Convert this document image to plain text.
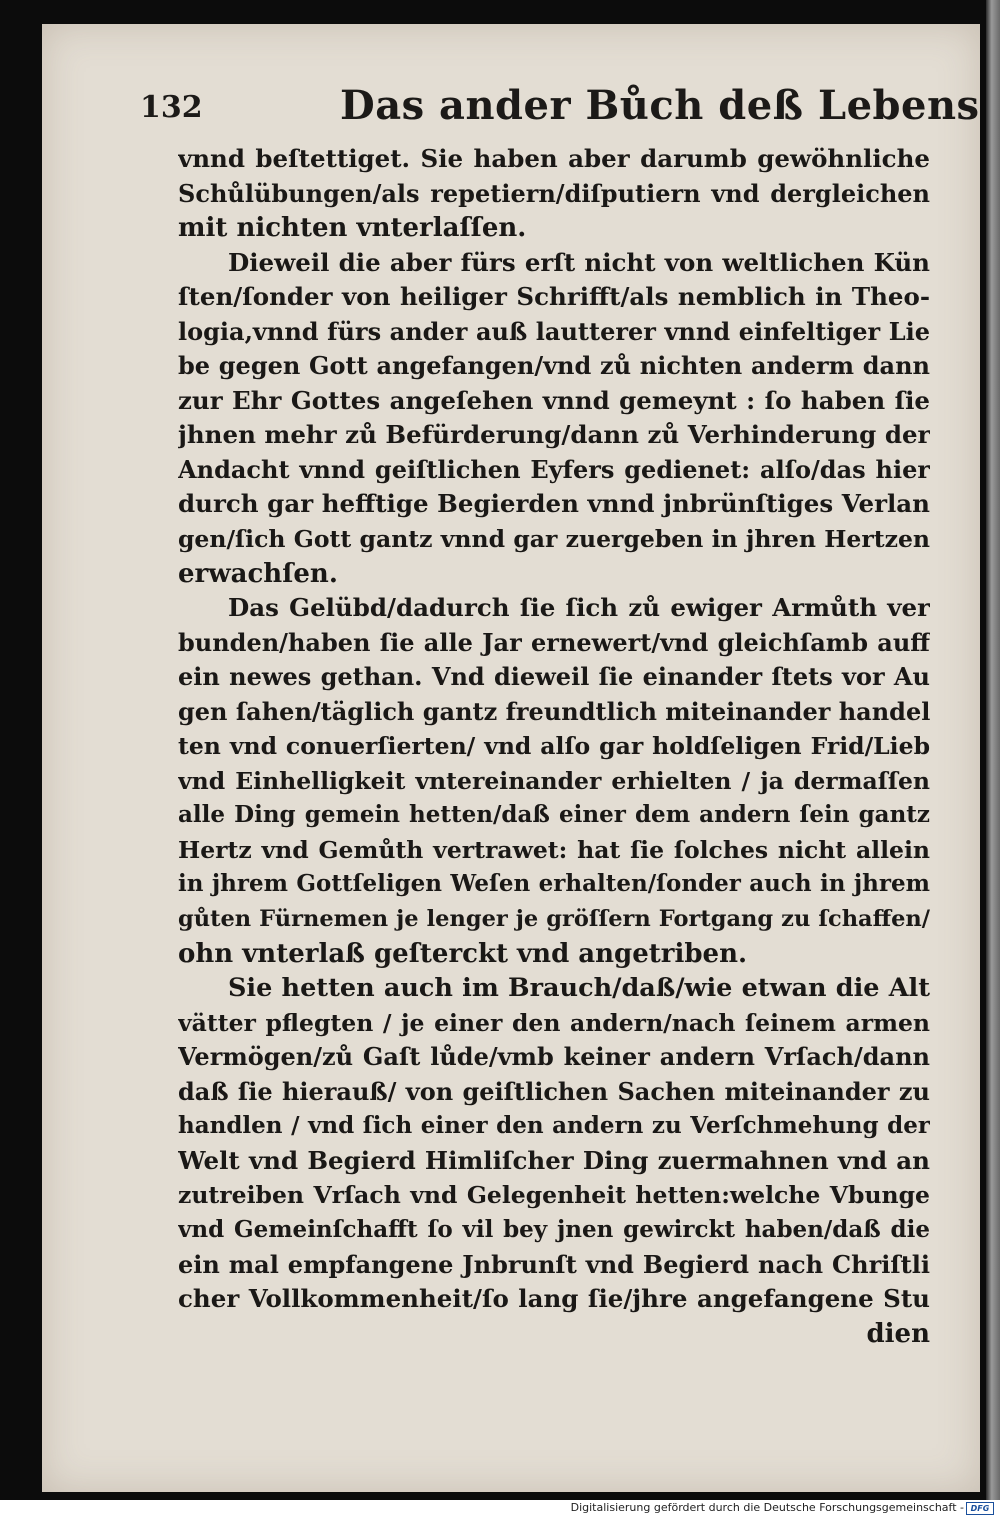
132	Das ander Bůch deß Lebens
vnnd beſtettiget. Sie haben aber darumb gewöhnliche
Schůlübungen/als repetiern/diſputiern vnd dergleichen
mit nichten vnterlaſſen.
Dieweil die aber fürs erſt nicht von weltlichen Kün
ſten/ſonder von heiliger Schrifft/als nemblich in Theo-
logia,vnnd fürs ander auß lautterer vnnd einfeltiger Lie
be gegen Gott angefangen/vnd zů nichten anderm dann
zur Ehr Gottes angeſehen vnnd gemeynt : ſo haben ſie
jhnen mehr zů Befürderung/dann zů Verhinderung der
Andacht vnnd geiſtlichen Eyfers gedienet: alſo/das hier
durch gar hefftige Begierden vnnd jnbrünſtiges Verlan
gen/ſich Gott gantz vnnd gar zuergeben in jhren Hertzen
erwachſen.
Das Gelübd/dadurch ſie ſich zů ewiger Armůth ver
bunden/haben ſie alle Jar ernewert/vnd gleichſamb auff
ein newes gethan. Vnd dieweil ſie einander ſtets vor Au
gen ſahen/täglich gantz freundtlich miteinander handel
ten vnd conuerſierten/ vnd alſo gar holdſeligen Frid/Lieb
vnd Einhelligkeit vntereinander erhielten / ja dermaſſen
alle Ding gemein hetten/daß einer dem andern ſein gantz
Hertz vnd Gemůth vertrawet: hat ſie ſolches nicht allein
in jhrem Gottſeligen Weſen erhalten/ſonder auch in jhrem
gůten Fürnemen je lenger je gröſſern Fortgang zu ſchaffen/
ohn vnterlaß geſterckt vnd angetriben.
Sie hetten auch im Brauch/daß/wie etwan die Alt
vätter pflegten / je einer den andern/nach ſeinem armen
Vermögen/zů Gaſt lůde/vmb keiner andern Vrſach/dann
daß ſie hierauß/ von geiſtlichen Sachen miteinander zu
handlen / vnd ſich einer den andern zu Verſchmehung der
Welt vnd Begierd Himliſcher Ding zuermahnen vnd an
zutreiben Vrſach vnd Gelegenheit hetten:welche Vbunge
vnd Gemeinſchafft ſo vil bey jnen gewirckt haben/daß die
ein mal empfangene Jnbrunſt vnd Begierd nach Chriſtli
cher Vollkommenheit/ſo lang ſie/jhre angefangene Stu
dien
Digitalisierung gefördert durch die Deutsche Forschungsgemeinschaft - DFG
